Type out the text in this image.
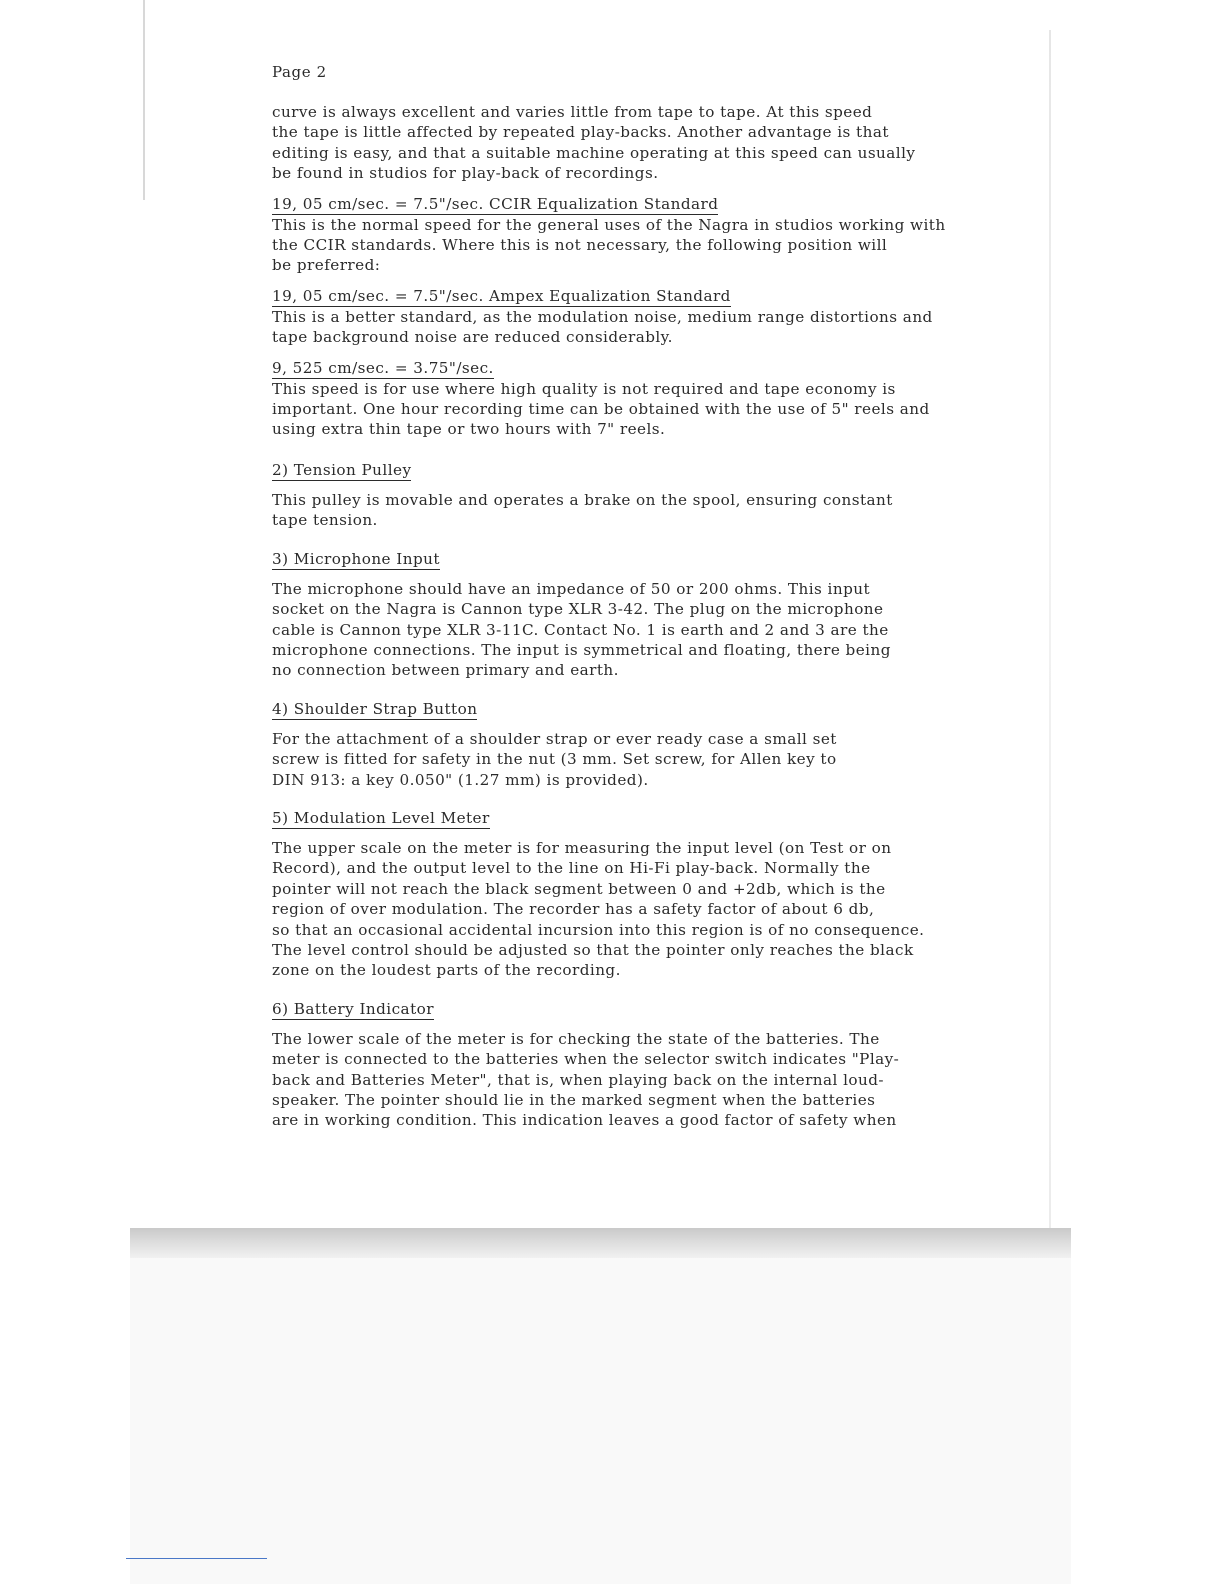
Page 2

curve is always excellent and varies little from tape to tape. At this speed
the tape is little affected by repeated play-backs. Another advantage is that
editing is easy, and that a suitable machine operating at this speed can usually
be found in studios for play-back of recordings.

19, 05 cm/sec. = 7.5"/sec. CCIR Equalization Standard

This is the normal speed for the general uses of the Nagra in studios working with
the CCIR standards. Where this is not necessary, the following position will
be preferred:

19, 05 cm/sec. = 7.5"/sec. Ampex Equalization Standard

This is a better standard, as the modulation noise, medium range distortions and
tape background noise are reduced considerably.

9, 525 cm/sec. = 3.75"/sec.

This speed is for use where high quality is not required and tape economy is
important. One hour recording time can be obtained with the use of 5" reels and
using extra thin tape or two hours with 7" reels.

2) Tension Pulley

This pulley is movable and operates a brake on the spool, ensuring constant
tape tension.

3) Microphone Input

The microphone should have an impedance of 50 or 200 ohms. This input
socket on the Nagra is Cannon type XLR 3-42. The plug on the microphone
cable is Cannon type XLR 3-11C. Contact No. 1 is earth and 2 and 3 are the
microphone connections. The input is symmetrical and floating, there being
no connection between primary and earth.

4) Shoulder Strap Button

For the attachment of a shoulder strap or ever ready case a small set
screw is fitted for safety in the nut (3 mm. Set screw, for Allen key to
DIN 913: a key 0.050" (1.27 mm) is provided).

5) Modulation Level Meter

The upper scale on the meter is for measuring the input level (on Test or on
Record), and the output level to the line on Hi-Fi play-back. Normally the
pointer will not reach the black segment between 0 and +2db, which is the
region of over modulation. The recorder has a safety factor of about 6 db,
so that an occasional accidental incursion into this region is of no consequence.
The level control should be adjusted so that the pointer only reaches the black
zone on the loudest parts of the recording.

6) Battery Indicator

The lower scale of the meter is for checking the state of the batteries. The
meter is connected to the batteries when the selector switch indicates "Play-
back and Batteries Meter", that is, when playing back on the internal loud-
speaker. The pointer should lie in the marked segment when the batteries
are in working condition. This indication leaves a good factor of safety when
